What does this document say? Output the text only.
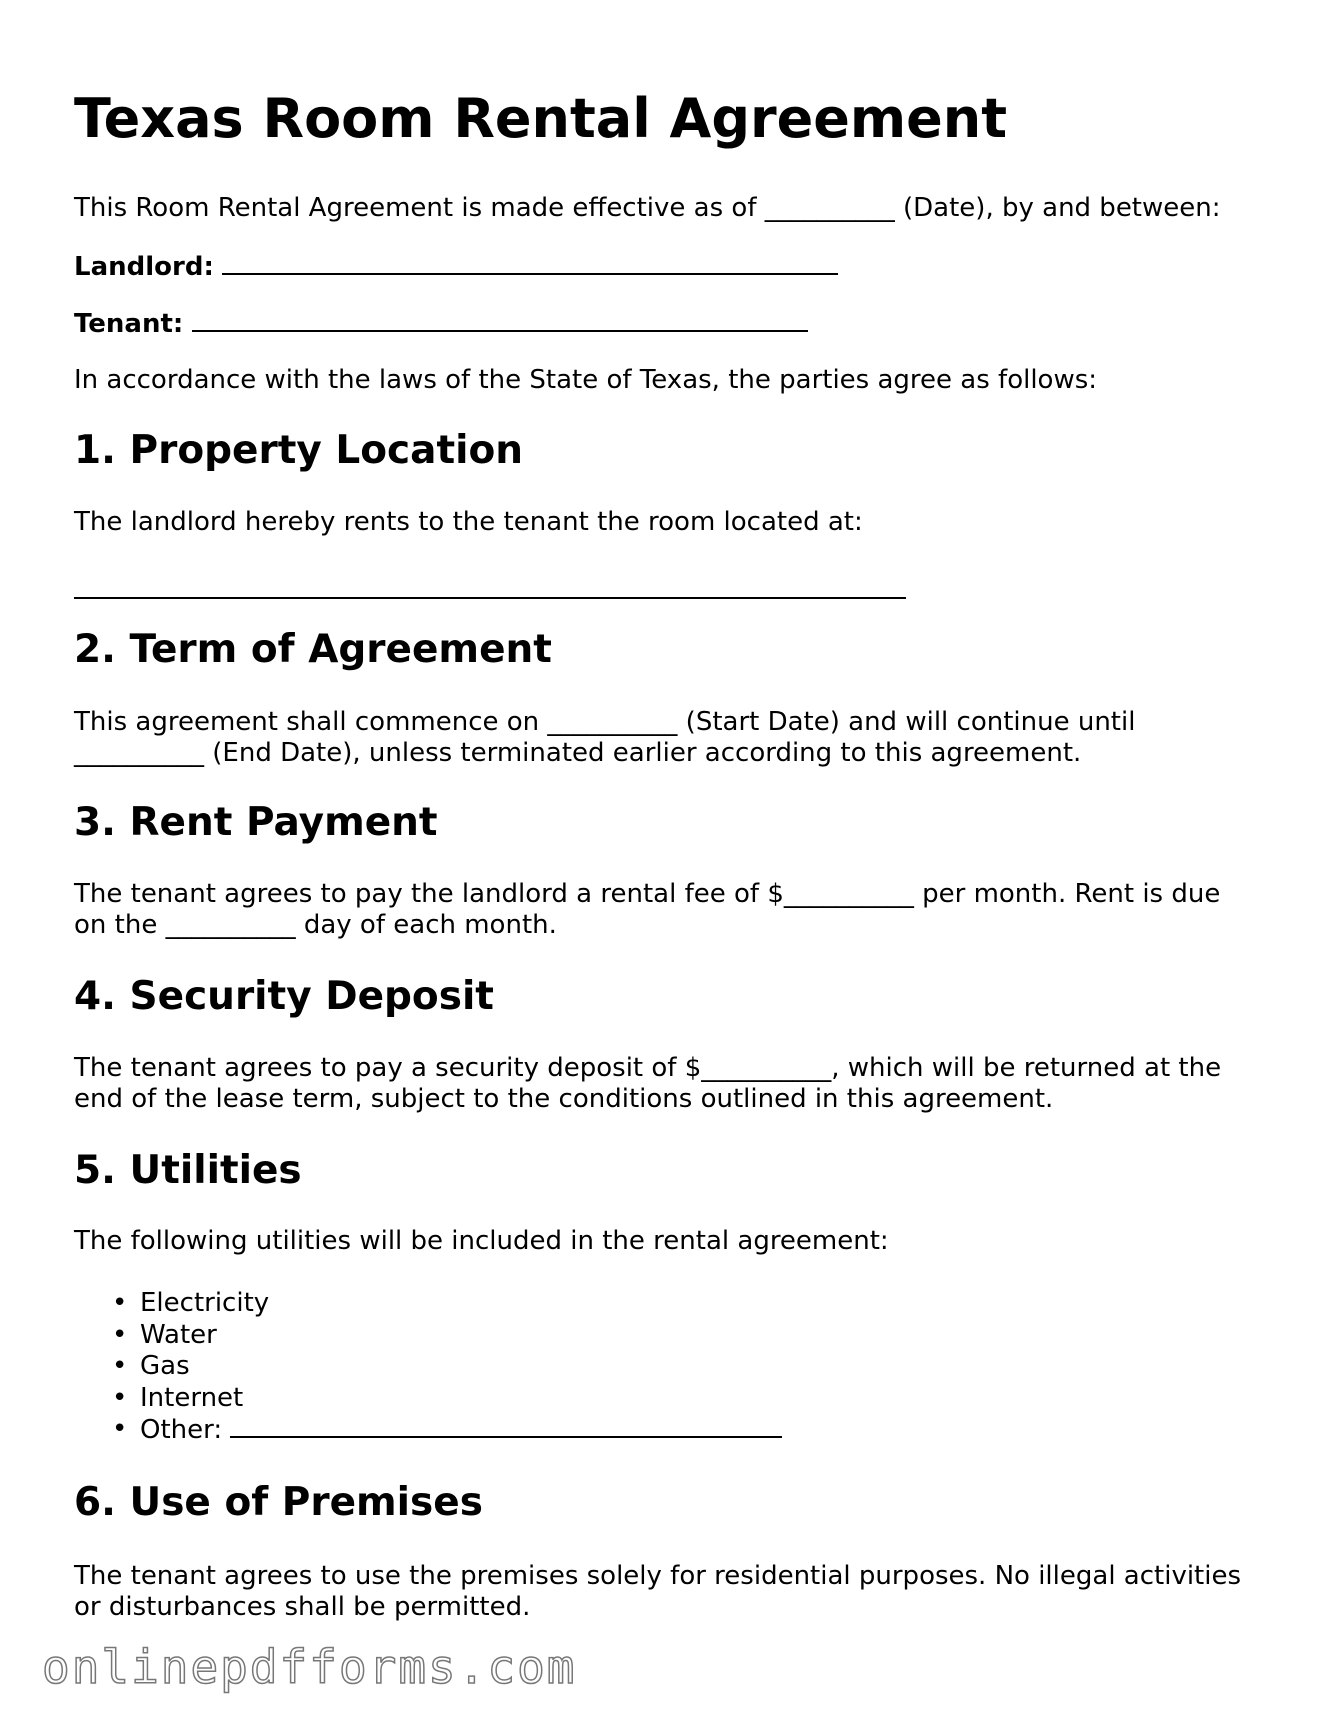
Texas Room Rental Agreement

This Room Rental Agreement is made effective as of __________ (Date), by and between:

Landlord:

Tenant:

In accordance with the laws of the State of Texas, the parties agree as follows:

1. Property Location

The landlord hereby rents to the tenant the room located at:

2. Term of Agreement

This agreement shall commence on __________ (Start Date) and will continue until

__________ (End Date), unless terminated earlier according to this agreement.

3. Rent Payment

The tenant agrees to pay the landlord a rental fee of $__________ per month. Rent is due

on the __________ day of each month.

4. Security Deposit

The tenant agrees to pay a security deposit of $__________, which will be returned at the

end of the lease term, subject to the conditions outlined in this agreement.

5. Utilities

The following utilities will be included in the rental agreement:

• Electricity
• Water
• Gas
• Internet
• Other:
6. Use of Premises

The tenant agrees to use the premises solely for residential purposes. No illegal activities

or disturbances shall be permitted.

onlinepdfforms.com
